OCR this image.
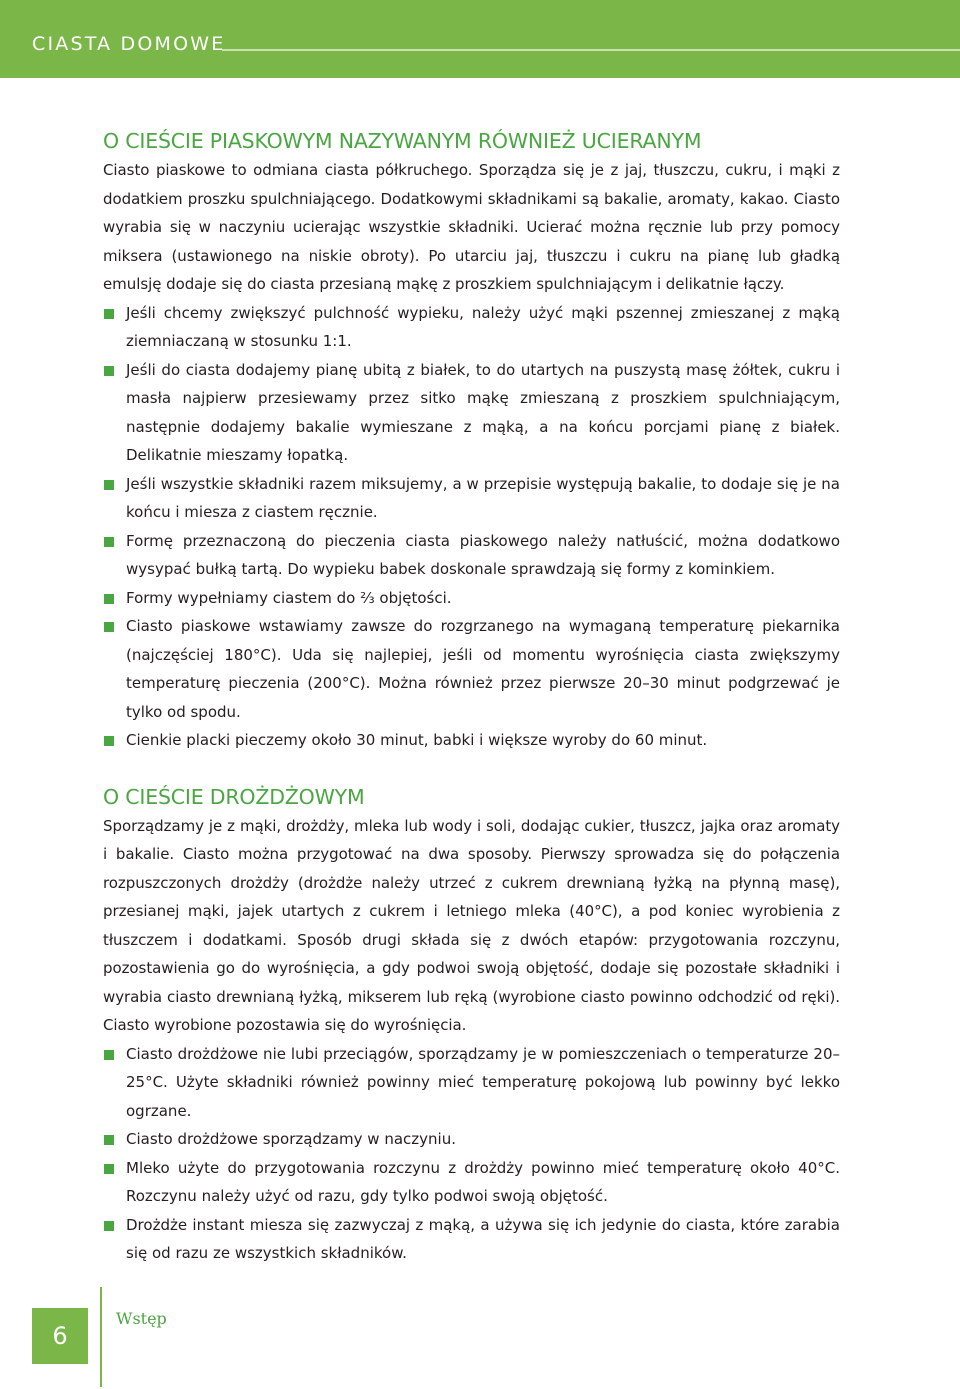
CIASTA DOMOWE
O CIEŚCIE PIASKOWYM NAZYWANYM RÓWNIEŻ UCIERANYM

Ciasto piaskowe to odmiana ciasta półkruchego. Sporządza się je z jaj, tłuszczu, cukru, i mąki z dodatkiem proszku spulchniającego. Dodatkowymi składnikami są bakalie, aromaty, kakao. Ciasto wyrabia się w naczyniu ucierając wszystkie składniki. Ucierać można ręcznie lub przy pomocy miksera (ustawionego na niskie obroty). Po utarciu jaj, tłuszczu i cukru na pianę lub gładką emulsję dodaje się do ciasta przesianą mąkę z proszkiem spulchniającym i delikatnie łączy.

Jeśli chcemy zwiększyć pulchność wypieku, należy użyć mąki pszennej zmieszanej z mąką ziemniaczaną w stosunku 1:1.
Jeśli do ciasta dodajemy pianę ubitą z białek, to do utartych na puszystą masę żółtek, cukru i masła najpierw przesiewamy przez sitko mąkę zmieszaną z proszkiem spulchniającym, następnie dodajemy bakalie wymieszane z mąką, a na końcu porcjami pianę z białek. Delikatnie mieszamy łopatką.
Jeśli wszystkie składniki razem miksujemy, a w przepisie występują bakalie, to dodaje się je na końcu i miesza z ciastem ręcznie.
Formę przeznaczoną do pieczenia ciasta piaskowego należy natłuścić, można dodatkowo wysypać bułką tartą. Do wypieku babek doskonale sprawdzają się formy z kominkiem.
Formy wypełniamy ciastem do ⅔ objętości.
Ciasto piaskowe wstawiamy zawsze do rozgrzanego na wymaganą temperaturę piekarnika (najczęściej 180°C). Uda się najlepiej, jeśli od momentu wyrośnięcia ciasta zwiększymy temperaturę pieczenia (200°C). Można również przez pierwsze 20–30 minut podgrzewać je tylko od spodu.
Cienkie placki pieczemy około 30 minut, babki i większe wyroby do 60 minut.
O CIEŚCIE DROŻDŻOWYM

Sporządzamy je z mąki, drożdży, mleka lub wody i soli, dodając cukier, tłuszcz, jajka oraz aromaty i bakalie. Ciasto można przygotować na dwa sposoby. Pierwszy sprowadza się do połączenia rozpuszczonych drożdży (drożdże należy utrzeć z cukrem drewnianą łyżką na płynną masę), przesianej mąki, jajek utartych z cukrem i letniego mleka (40°C), a pod koniec wyrobienia z tłuszczem i dodatkami. Sposób drugi składa się z dwóch etapów: przygotowania rozczynu, pozostawienia go do wyrośnięcia, a gdy podwoi swoją objętość, dodaje się pozostałe składniki i wyrabia ciasto drewnianą łyżką, mikserem lub ręką (wyrobione ciasto powinno odchodzić od ręki). Ciasto wyrobione pozostawia się do wyrośnięcia.

Ciasto drożdżowe nie lubi przeciągów, sporządzamy je w pomieszczeniach o temperaturze 20–25°C. Użyte składniki również powinny mieć temperaturę pokojową lub powinny być lekko ogrzane.
Ciasto drożdżowe sporządzamy w naczyniu.
Mleko użyte do przygotowania rozczynu z drożdży powinno mieć temperaturę około 40°C. Rozczynu należy użyć od razu, gdy tylko podwoi swoją objętość.
Drożdże instant miesza się zazwyczaj z mąką, a używa się ich jedynie do ciasta, które zarabia się od razu ze wszystkich składników.
6
Wstęp
